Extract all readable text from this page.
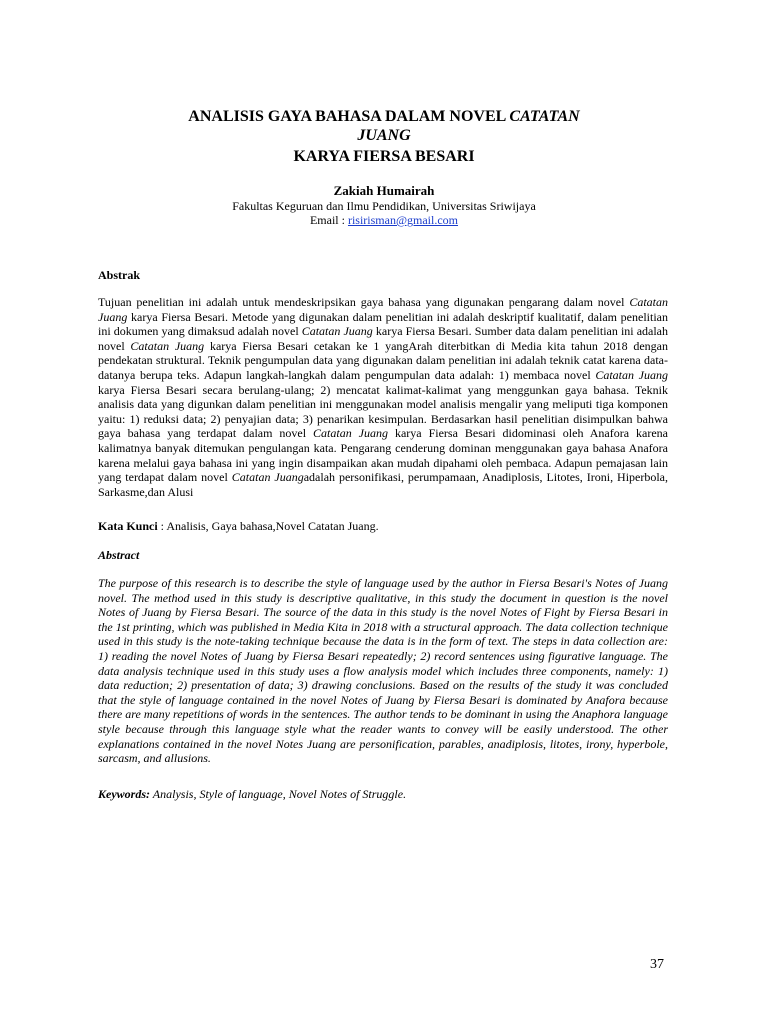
ANALISIS GAYA BAHASA DALAM NOVEL CATATAN
JUANG
KARYA FIERSA BESARI
Zakiah Humairah
Fakultas Keguruan dan Ilmu Pendidikan, Universitas Sriwijaya
Email : risirisman@gmail.com
Abstrak

Tujuan penelitian ini adalah untuk mendeskripsikan gaya bahasa yang digunakan pengarang dalam novel Catatan Juang karya Fiersa Besari. Metode yang digunakan dalam penelitian ini adalah deskriptif kualitatif, dalam penelitian ini dokumen yang dimaksud adalah novel Catatan Juang karya Fiersa Besari. Sumber data dalam penelitian ini adalah novel Catatan Juang karya Fiersa Besari cetakan ke 1 yangArah diterbitkan di Media kita tahun 2018 dengan pendekatan struktural. Teknik pengumpulan data yang digunakan dalam penelitian ini adalah teknik catat karena data-datanya berupa teks. Adapun langkah-langkah dalam pengumpulan data adalah: 1) membaca novel Catatan Juang karya Fiersa Besari secara berulang-ulang; 2) mencatat kalimat-kalimat yang menggunkan gaya bahasa. Teknik analisis data yang digunkan dalam penelitian ini menggunakan model analisis mengalir yang meliputi tiga komponen yaitu: 1) reduksi data; 2) penyajian data; 3) penarikan kesimpulan. Berdasarkan hasil penelitian disimpulkan bahwa gaya bahasa yang terdapat dalam novel Catatan Juang karya Fiersa Besari didominasi oleh Anafora karena kalimatnya banyak ditemukan pengulangan kata. Pengarang cenderung dominan menggunakan gaya bahasa Anafora karena melalui gaya bahasa ini yang ingin disampaikan akan mudah dipahami oleh pembaca. Adapun pemajasan lain yang terdapat dalam novel Catatan Juangadalah personifikasi, perumpamaan, Anadiplosis, Litotes, Ironi, Hiperbola, Sarkasme,dan Alusi

Kata Kunci : Analisis, Gaya bahasa,Novel Catatan Juang.
Abstract

The purpose of this research is to describe the style of language used by the author in Fiersa Besari's Notes of Juang novel. The method used in this study is descriptive qualitative, in this study the document in question is the novel Notes of Juang by Fiersa Besari. The source of the data in this study is the novel Notes of Fight by Fiersa Besari in the 1st printing, which was published in Media Kita in 2018 with a structural approach. The data collection technique used in this study is the note-taking technique because the data is in the form of text. The steps in data collection are: 1) reading the novel Notes of Juang by Fiersa Besari repeatedly; 2) record sentences using figurative language. The data analysis technique used in this study uses a flow analysis model which includes three components, namely: 1) data reduction; 2) presentation of data; 3) drawing conclusions. Based on the results of the study it was concluded that the style of language contained in the novel Notes of Juang by Fiersa Besari is dominated by Anafora because there are many repetitions of words in the sentences. The author tends to be dominant in using the Anaphora language style because through this language style what the reader wants to convey will be easily understood. The other explanations contained in the novel Notes Juang are personification, parables, anadiplosis, litotes, irony, hyperbole, sarcasm, and allusions.

Keywords: Analysis, Style of language, Novel Notes of Struggle.
37
